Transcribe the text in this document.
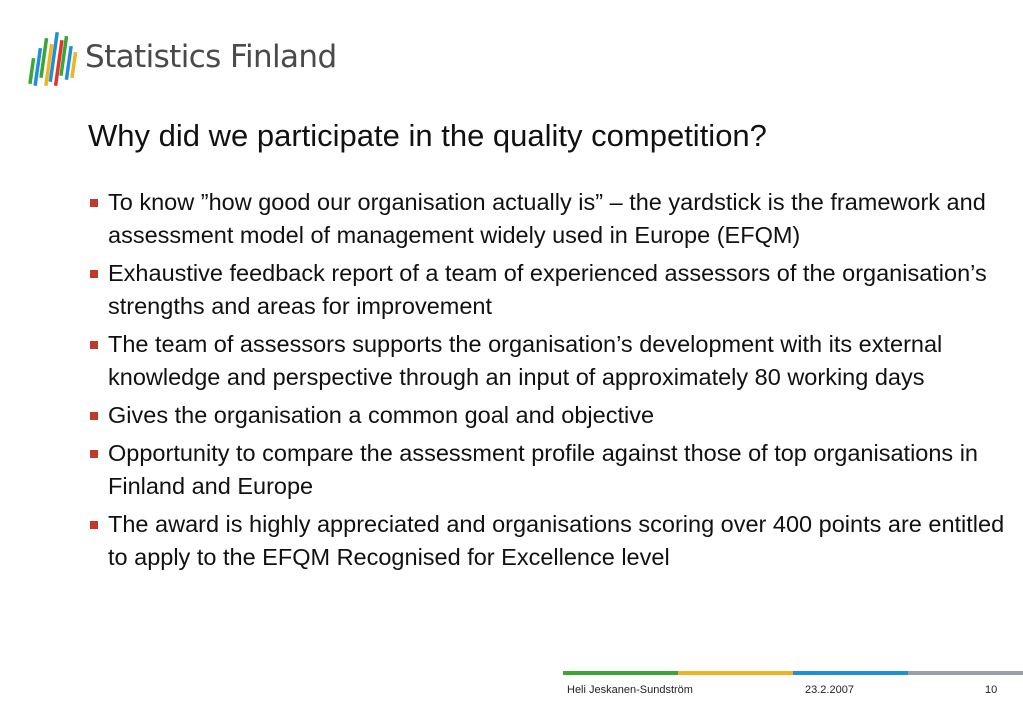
Statistics Finland
Why did we participate in the quality competition?
To know ”how good our organisation actually is” – the yardstick is the framework and assessment model of management widely used in Europe (EFQM)
Exhaustive feedback report of a team of experienced assessors of the organisation’s strengths and areas for improvement
The team of assessors supports the organisation’s development with its external knowledge and perspective through an input of approximately 80 working days
Gives the organisation a common goal and objective
Opportunity to compare the assessment profile against those of top organisations in Finland and Europe
The award is highly appreciated and organisations scoring over 400 points are entitled to apply to the EFQM Recognised for Excellence level
Heli Jeskanen-Sundström	23.2.2007	10
